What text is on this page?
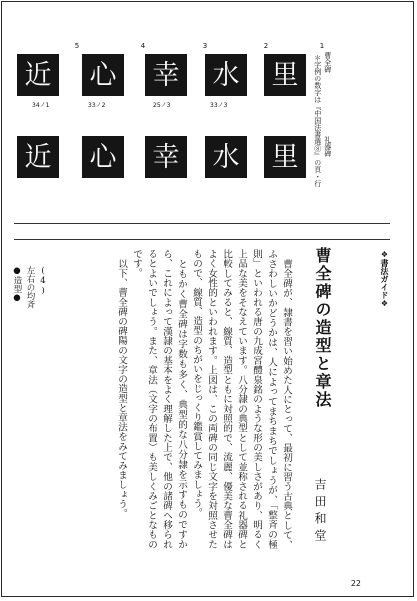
5	4	3	2	1
近 心 幸 水 里
34ノ1	33ノ2	25ノ3	33ノ3
近 心 幸 水 里
曹全碑
＊字例の数字は『中国法書選⑧』の頁・行 礼器碑
❖書法ガイド❖
曹全碑の造型と章法
吉田和堂

曹全碑が、隷書を習い始めた人にとって、最初に習う古典として、ふさわしいかどうかは、人によってまちまちでしょうが、「整斉の極則」といわれる唐の九成宮醴泉銘のような形の美しさがあり、明るく上品な美をそなえています。八分隷の典型として並称される礼器碑と比較してみると、線質、造型ともに対照的で、流麗、優美な曹全碑はよく女性的といわれます。上図は、この両碑の同じ文字を対照させたもので、線質、造型のちがいをじっくり鑑賞してみましょう。

ともかく曹全碑は字数も多く、典型的な八分隷を示すものですから、これによって漢隷の基本をよく理解した上で、他の諸碑へ移られるとよいでしょう。また、章法（文字の布置）も美しくみごとなものです。

以下、曹全碑の碑陽の文字の造型と章法をみてみましょう。

(4)
左右の均斉
●造型●
22
